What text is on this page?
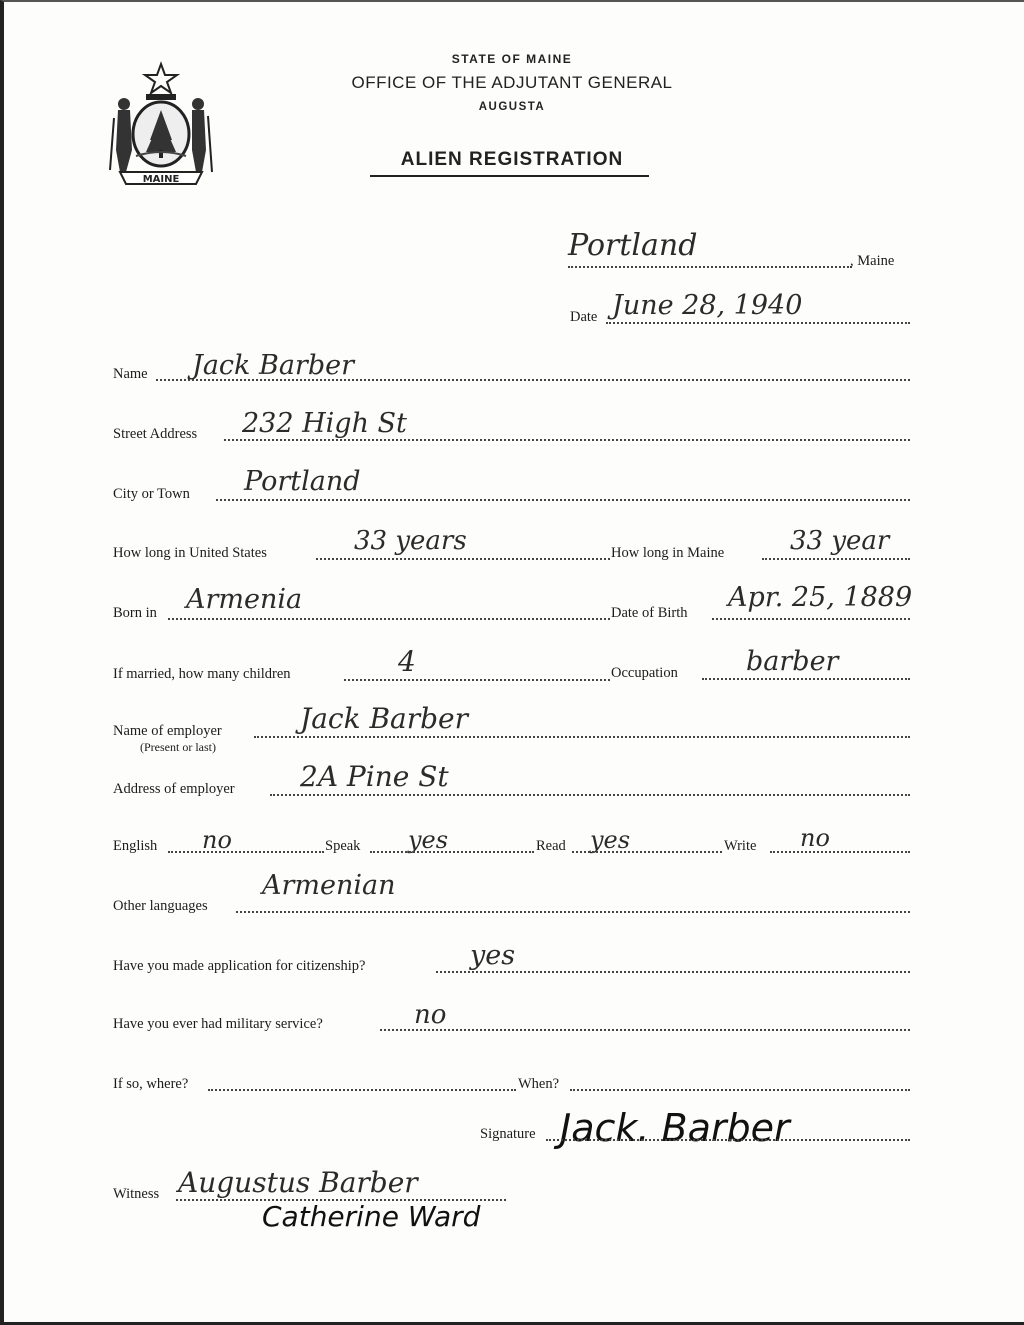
MAINE
STATE OF MAINE
OFFICE OF THE ADJUTANT GENERAL
AUGUSTA
ALIEN REGISTRATION
Portland	, Maine
Date June 28, 1940
Name Jack Barber
Street Address 232 High St
City or Town Portland
How long in United States	33 years	How long in Maine	33 year
Born in Armenia	Date of Birth Apr. 25, 1889
If married, how many children	4	Occupation	barber
Name of employer
(Present or last)
Jack Barber
Address of employer 2A Pine St
English no	Speak yes	Read yes	Write no
Other languages
Armenian
Have you made application for citizenship?	yes
Have you ever had military service?	no
If so, where?	When?
Signature Jack. Barber
Witness Augustus Barber
Catherine Ward
